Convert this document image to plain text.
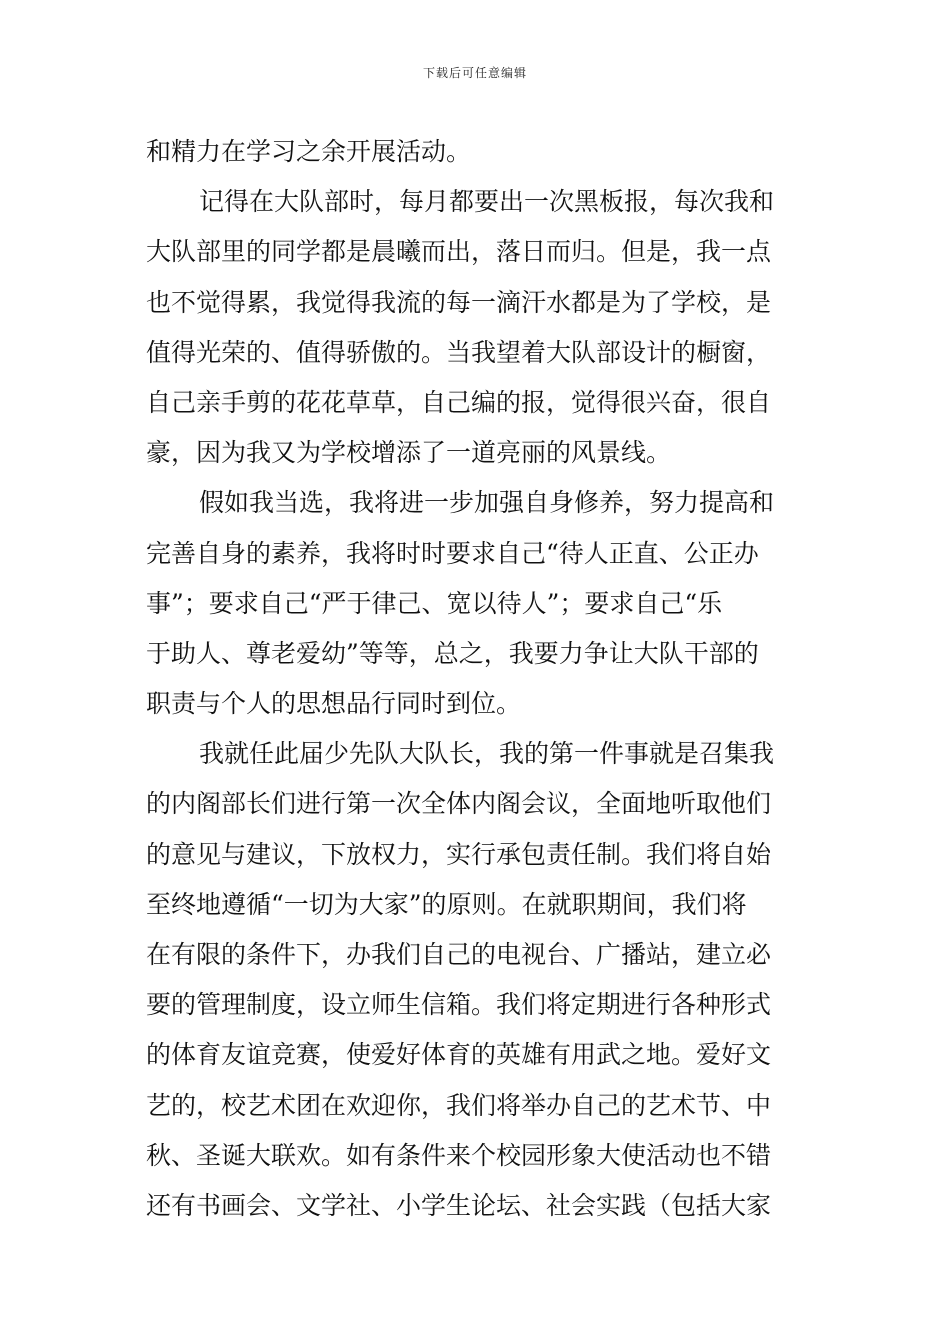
下载后可任意编辑
和精力在学习之余开展活动。
记得在大队部时，每月都要出一次黑板报，每次我和
大队部里的同学都是晨曦而出，落日而归。但是，我一点
也不觉得累，我觉得我流的每一滴汗水都是为了学校，是
值得光荣的、值得骄傲的。当我望着大队部设计的橱窗，
自己亲手剪的花花草草，自己编的报，觉得很兴奋，很自
豪，因为我又为学校增添了一道亮丽的风景线。
假如我当选，我将进一步加强自身修养，努力提高和
完善自身的素养，我将时时要求自己“待人正直、公正办
事”；要求自己“严于律己、宽以待人”；要求自己“乐
于助人、尊老爱幼”等等，总之，我要力争让大队干部的
职责与个人的思想品行同时到位。
我就任此届少先队大队长，我的第一件事就是召集我
的内阁部长们进行第一次全体内阁会议，全面地听取他们
的意见与建议，下放权力，实行承包责任制。我们将自始
至终地遵循“一切为大家”的原则。在就职期间，我们将
在有限的条件下，办我们自己的电视台、广播站，建立必
要的管理制度，设立师生信箱。我们将定期进行各种形式
的体育友谊竞赛，使爱好体育的英雄有用武之地。爱好文
艺的，校艺术团在欢迎你，我们将举办自己的艺术节、中
秋、圣诞大联欢。如有条件来个校园形象大使活动也不错
还有书画会、文学社、小学生论坛、社会实践（包括大家
